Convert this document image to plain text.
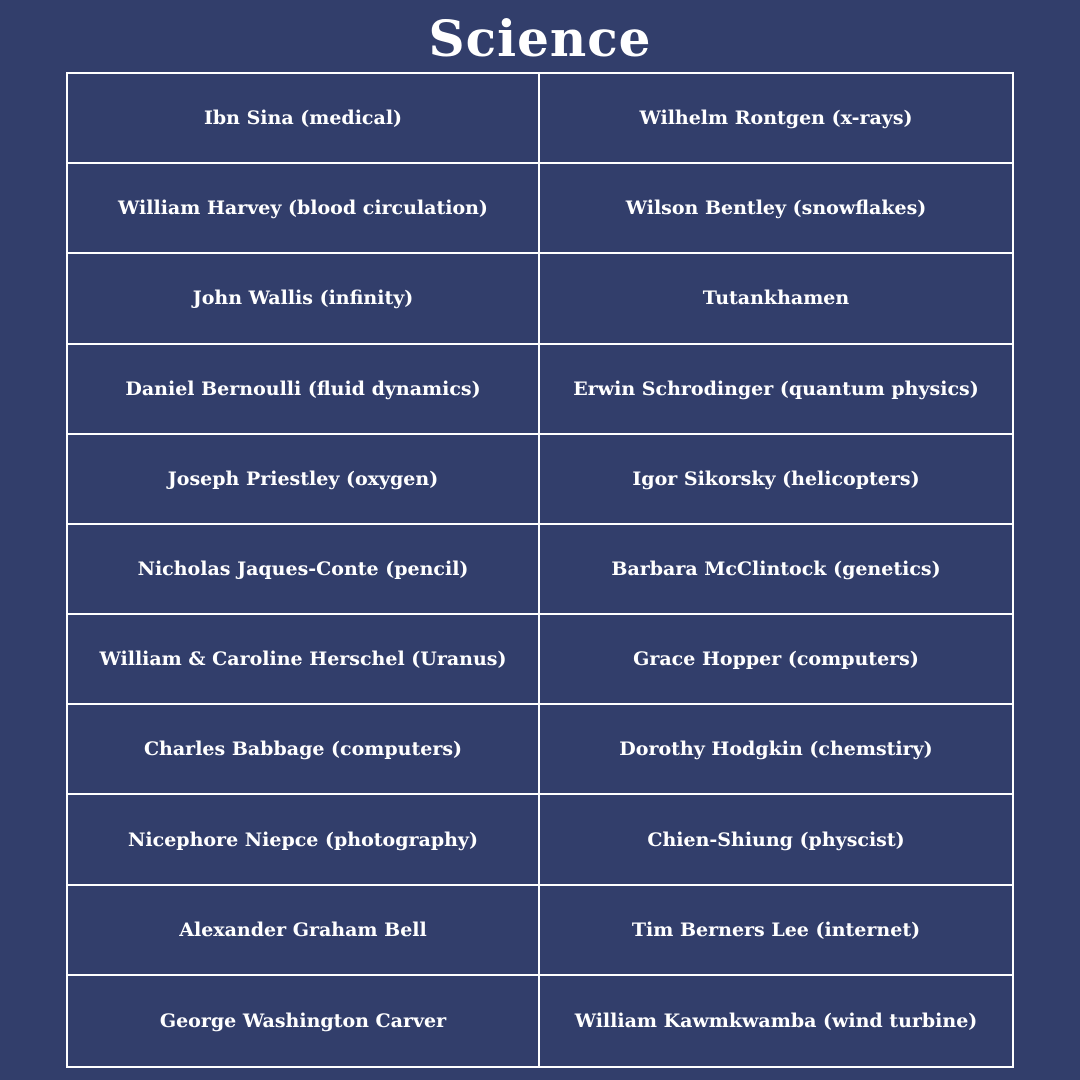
Science
Ibn Sina (medical)	Wilhelm Rontgen (x-rays)
William Harvey (blood circulation)	Wilson Bentley (snowflakes)
John Wallis (infinity)	Tutankhamen
Daniel Bernoulli (fluid dynamics)	Erwin Schrodinger (quantum physics)
Joseph Priestley (oxygen)	Igor Sikorsky (helicopters)
Nicholas Jaques-Conte (pencil)	Barbara McClintock (genetics)
William & Caroline Herschel (Uranus)	Grace Hopper (computers)
Charles Babbage (computers)	Dorothy Hodgkin (chemstiry)
Nicephore Niepce (photography)	Chien-Shiung (physcist)
Alexander Graham Bell	Tim Berners Lee (internet)
George Washington Carver	William Kawmkwamba (wind turbine)
